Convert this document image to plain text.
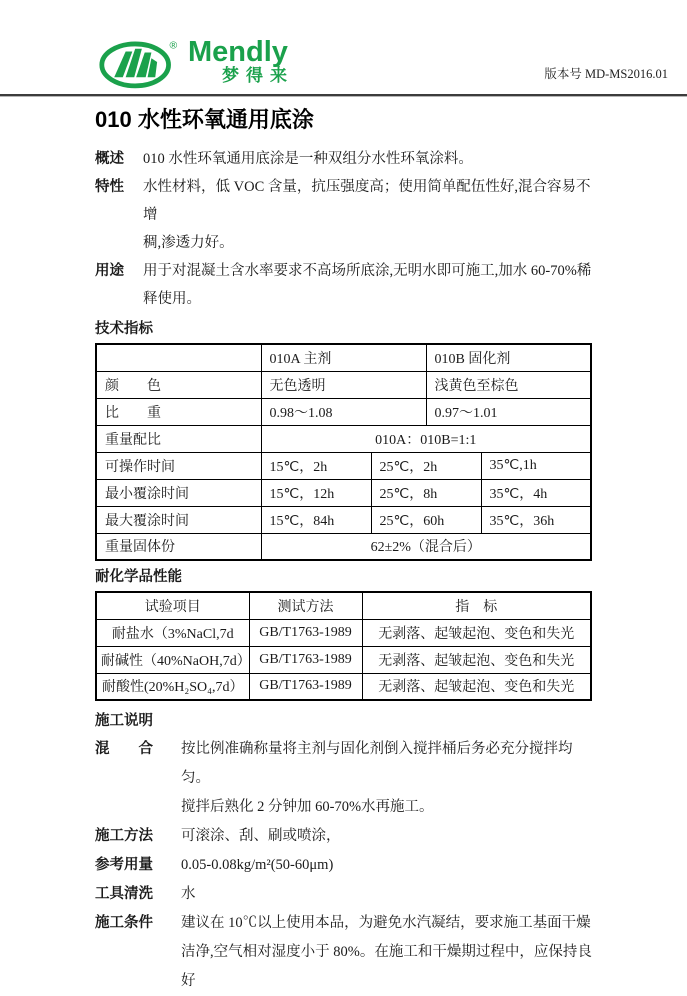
® Mendly
梦得来	版本号 MD-MS2016.01
010 水性环氧通用底涂
概述	010 水性环氧通用底涂是一种双组分水性环氧涂料。
特性	水性材料，低 VOC 含量，抗压强度高；使用简单配伍性好,混合容易不增
稠,渗透力好。
用途	用于对混凝土含水率要求不高场所底涂,无明水即可施工,加水 60-70%稀
释使用。
技术指标
	010A 主剂		010B 固化剂	
颜　　色	无色透明		浅黄色至棕色	
比　　重	0.98～1.08		0.97～1.01	
重量配比	010A：010B=1:1			
可操作时间	15℃，2h	25℃，2h		35℃,1h
最小覆涂时间	15℃，12h	25℃，8h		35℃，4h
最大覆涂时间	15℃，84h	25℃，60h		35℃，36h
重量固体份	62±2%（混合后）			
耐化学品性能
试验项目	测试方法	指　标
耐盐水（3%NaCl,7d	GB/T1763-1989	无剥落、起皱起泡、变色和失光
耐碱性（40%NaOH,7d）	GB/T1763-1989	无剥落、起皱起泡、变色和失光
耐酸性(20%H₂SO₄,7d）	GB/T1763-1989	无剥落、起皱起泡、变色和失光
施工说明
混　　合	按比例准确称量将主剂与固化剂倒入搅拌桶后务必充分搅拌均匀。
搅拌后熟化 2 分钟加 60-70%水再施工。
施工方法	可滚涂、刮、刷或喷涂，
参考用量	0.05-0.08kg/m²(50-60μm)
工具清洗	水
施工条件	建议在 10℃以上使用本品，为避免水汽凝结，要求施工基面干燥
洁净,空气相对湿度小于 80%。在施工和干燥期过程中，应保持良好
